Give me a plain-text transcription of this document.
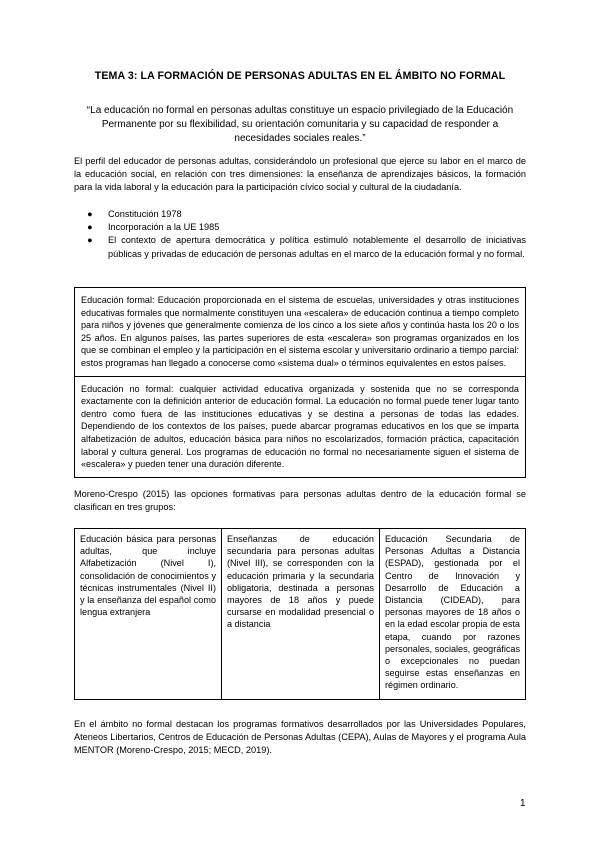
TEMA 3: LA FORMACIÓN DE PERSONAS ADULTAS EN EL ÁMBITO NO FORMAL
“La educación no formal en personas adultas constituye un espacio privilegiado de la Educación Permanente por su flexibilidad, su orientación comunitaria y su capacidad de responder a necesidades sociales reales.”
El perfil del educador de personas adultas, considerándolo un profesional que ejerce su labor en el marco de la educación social, en relación con tres dimensiones: la enseñanza de aprendizajes básicos, la formación para la vida laboral y la educación para la participación cívico social y cultural de la ciudadanía.
● Constitución 1978
● Incorporación a la UE 1985
● El contexto de apertura democrática y política estimuló notablemente el desarrollo de iniciativas públicas y privadas de educación de personas adultas en el marco de la educación formal y no formal.
Educación formal: Educación proporcionada en el sistema de escuelas, universidades y otras instituciones educativas formales que normalmente constituyen una «escalera» de educación continua a tiempo completo para niños y jóvenes que generalmente comienza de los cinco a los siete años y continúa hasta los 20 o los 25 años. En algunos países, las partes superiores de esta «escalera» son programas organizados en los que se combinan el empleo y la participación en el sistema escolar y universitario ordinario a tiempo parcial: estos programas han llegado a conocerse como «sistema dual» o términos equivalentes en estos países.
Educación no formal: cualquier actividad educativa organizada y sostenida que no se corresponda exactamente con la definición anterior de educación formal. La educación no formal puede tener lugar tanto dentro como fuera de las instituciones educativas y se destina a personas de todas las edades. Dependiendo de los contextos de los países, puede abarcar programas educativos en los que se imparta alfabetización de adultos, educación básica para niños no escolarizados, formación práctica, capacitación laboral y cultura general. Los programas de educación no formal no necesariamente siguen el sistema de «escalera» y pueden tener una duración diferente.
Moreno-Crespo (2015) las opciones formativas para personas adultas dentro de la educación formal se clasifican en tres grupos:
Educación básica para personas adultas, que incluye Alfabetización (Nivel I), consolidación de conocimientos y técnicas instrumentales (Nivel II) y la enseñanza del español como lengua extranjera
Enseñanzas de educación secundaria para personas adultas (Nivel III), se corresponden con la educación primaria y la secundaria obligatoria, destinada a personas mayores de 18 años y puede cursarse en modalidad presencial o a distancia
Educación Secundaria de Personas Adultas a Distancia (ESPAD), gestionada por el Centro de Innovación y Desarrollo de Educación a Distancia (CIDEAD), para personas mayores de 18 años o en la edad escolar propia de esta etapa, cuando por razones personales, sociales, geográficas o excepcionales no puedan seguirse estas enseñanzas en régimen ordinario.
En el ámbito no formal destacan los programas formativos desarrollados por las Universidades Populares, Ateneos Libertarios, Centros de Educación de Personas Adultas (CEPA), Aulas de Mayores y el programa Aula MENTOR (Moreno-Crespo, 2015; MECD, 2019).
1
